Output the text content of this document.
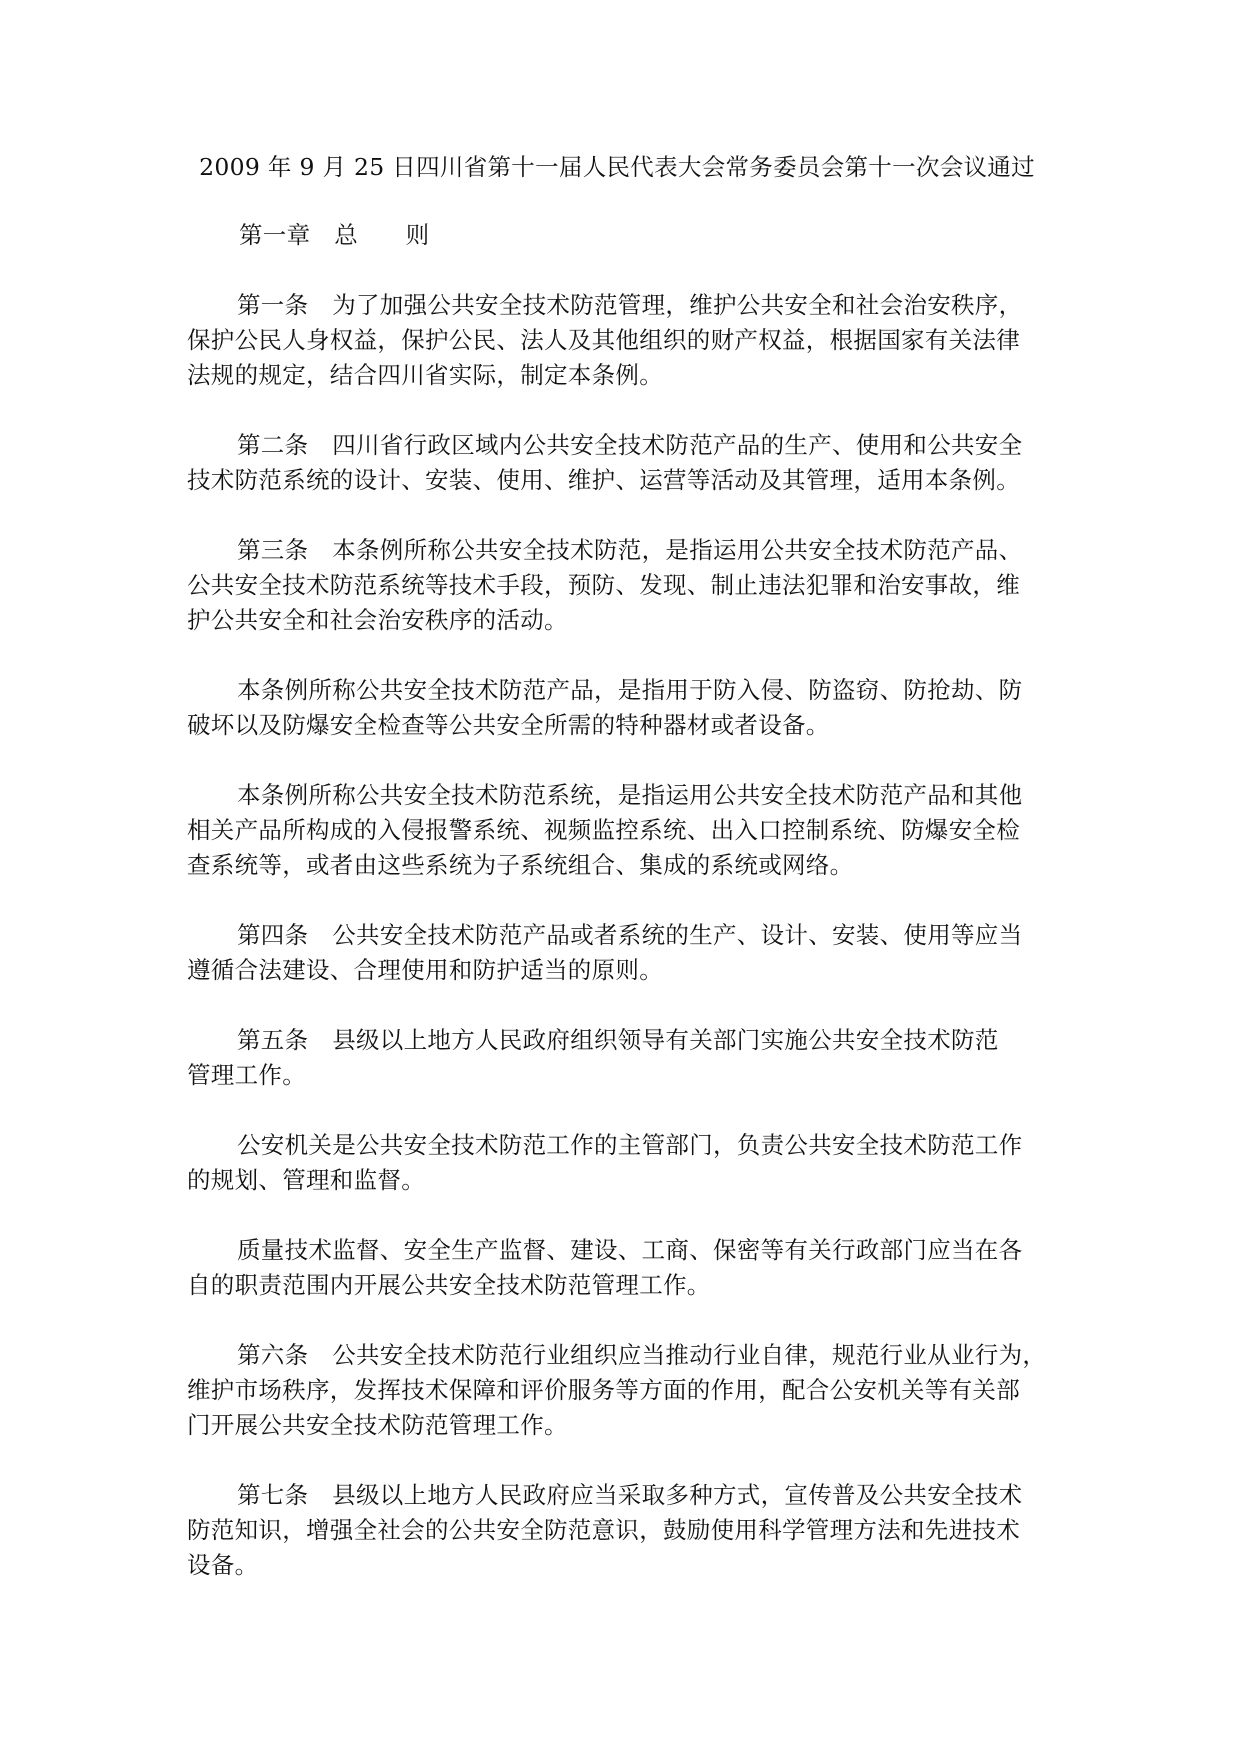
2009 年 9 月 25 日四川省第十一届人民代表大会常务委员会第十一次会议通过
第一章　总　　则
第一条　为了加强公共安全技术防范管理，维护公共安全和社会治安秩序，
保护公民人身权益，保护公民、法人及其他组织的财产权益，根据国家有关法律
法规的规定，结合四川省实际，制定本条例。
第二条　四川省行政区域内公共安全技术防范产品的生产、使用和公共安全
技术防范系统的设计、安装、使用、维护、运营等活动及其管理，适用本条例。
第三条　本条例所称公共安全技术防范，是指运用公共安全技术防范产品、
公共安全技术防范系统等技术手段，预防、发现、制止违法犯罪和治安事故，维
护公共安全和社会治安秩序的活动。
本条例所称公共安全技术防范产品，是指用于防入侵、防盗窃、防抢劫、防
破坏以及防爆安全检查等公共安全所需的特种器材或者设备。
本条例所称公共安全技术防范系统，是指运用公共安全技术防范产品和其他
相关产品所构成的入侵报警系统、视频监控系统、出入口控制系统、防爆安全检
查系统等，或者由这些系统为子系统组合、集成的系统或网络。
第四条　公共安全技术防范产品或者系统的生产、设计、安装、使用等应当
遵循合法建设、合理使用和防护适当的原则。
第五条　县级以上地方人民政府组织领导有关部门实施公共安全技术防范
管理工作。
公安机关是公共安全技术防范工作的主管部门，负责公共安全技术防范工作
的规划、管理和监督。
质量技术监督、安全生产监督、建设、工商、保密等有关行政部门应当在各
自的职责范围内开展公共安全技术防范管理工作。
第六条　公共安全技术防范行业组织应当推动行业自律，规范行业从业行为，
维护市场秩序，发挥技术保障和评价服务等方面的作用，配合公安机关等有关部
门开展公共安全技术防范管理工作。
第七条　县级以上地方人民政府应当采取多种方式，宣传普及公共安全技术
防范知识，增强全社会的公共安全防范意识，鼓励使用科学管理方法和先进技术
设备。
